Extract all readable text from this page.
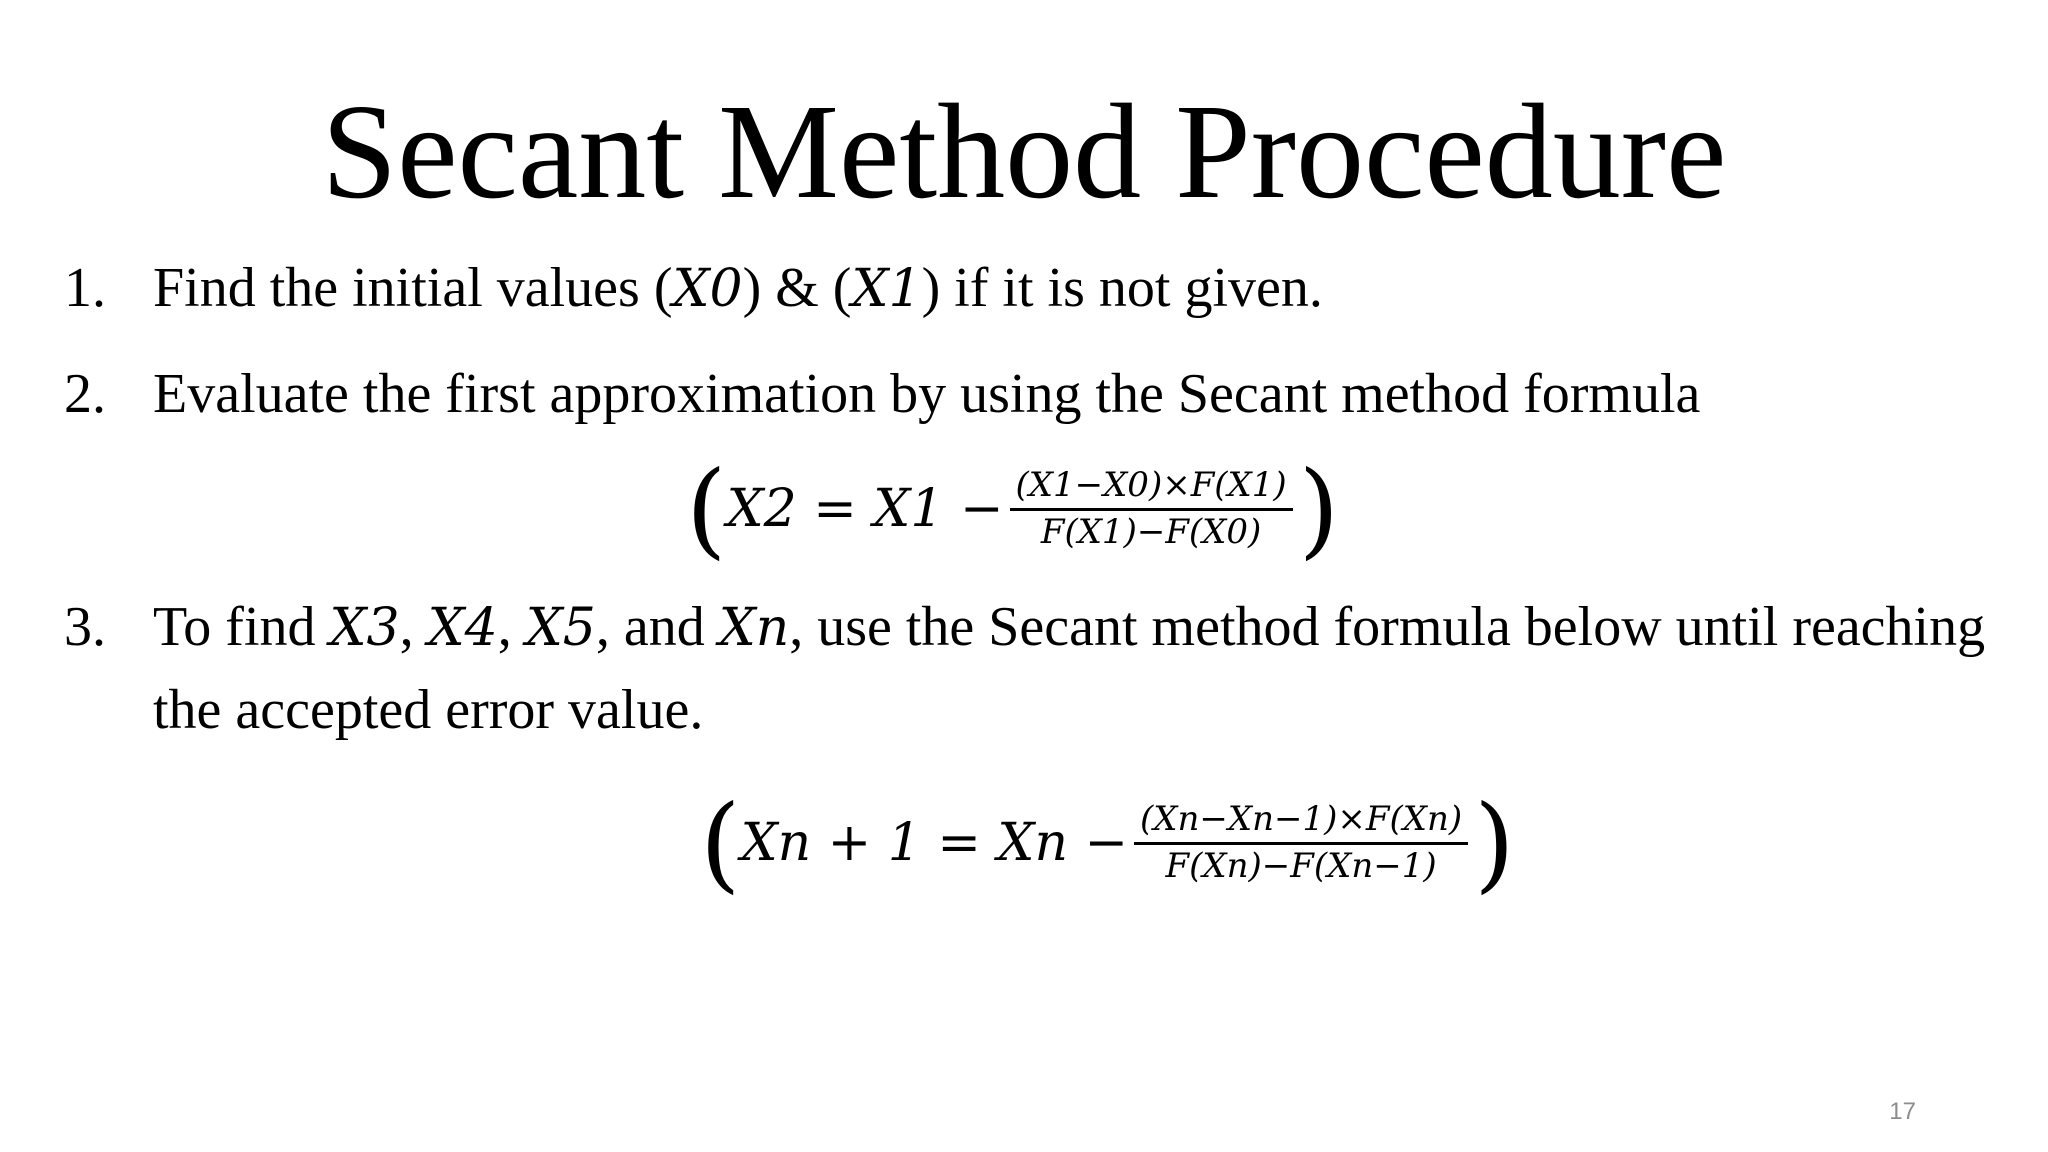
Secant Method Procedure
1. Find the initial values (X0) & (X1) if it is not given.
2. Evaluate the first approximation by using the Secant method formula
( $X2 = X1 - \frac{(X1-X0)\times F(X1)}{F(X1)-F(X0)}$ )
3. To find X3, X4, X5, and Xn, use the Secant method formula below until reaching
the accepted error value.
( $Xn + 1 = Xn - \frac{(Xn-Xn-1)\times F(Xn)}{F(Xn)-F(Xn-1)}$ )
17
